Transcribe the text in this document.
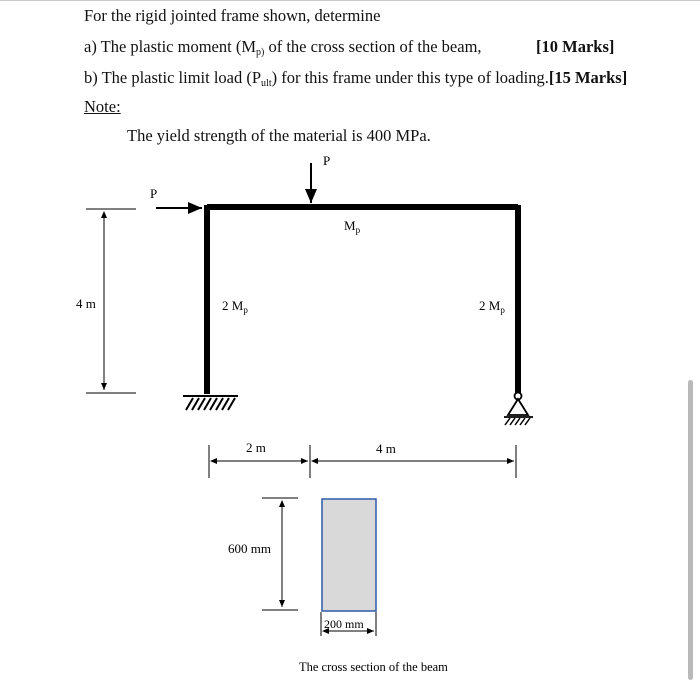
For the rigid jointed frame shown, determine

a) The plastic moment ($M_{p)}$ of the cross section of the beam,	[10 Marks]

b) The plastic limit load $(P_{ult})$ for this frame under this type of loading.[15 Marks]

Note:

The yield strength of the material is 400 MPa.

P
P
$M_p$
2 $M_p$	2 $M_p$
4 m
2 m	4 m
600 mm
200 mm
The cross section of the beam
